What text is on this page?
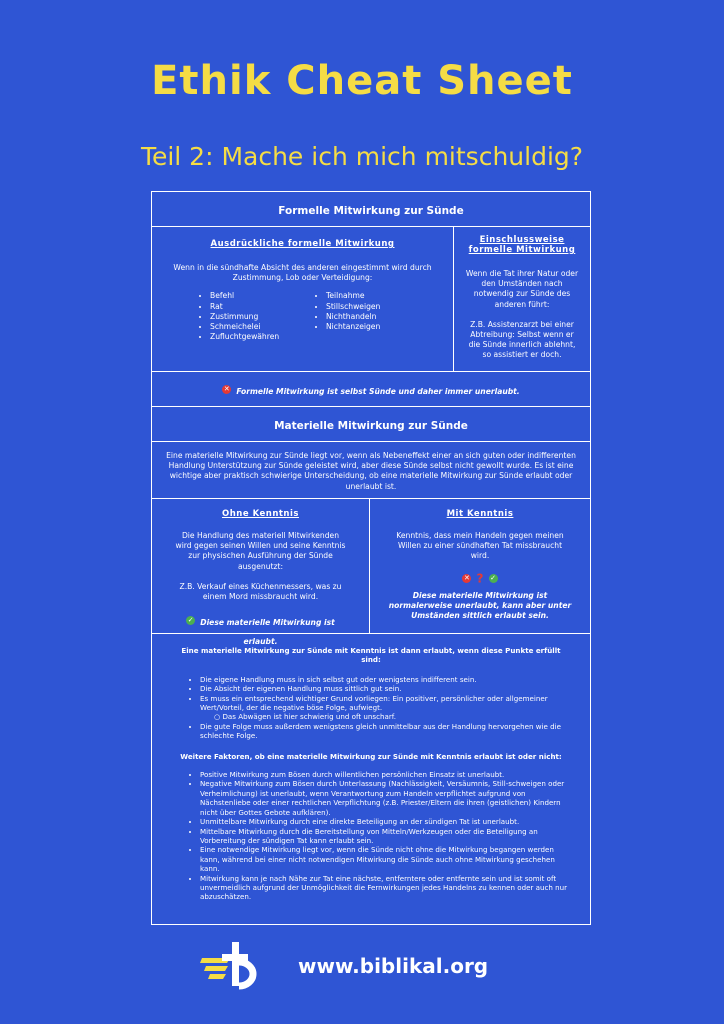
Ethik Cheat Sheet
Teil 2: Mache ich mich mitschuldig?
Formelle Mitwirkung zur Sünde
Ausdrückliche formelle Mitwirkung
Wenn in die sündhafte Absicht des anderen eingestimmt wird durch Zustimmung, Lob oder Verteidigung:
• Befehl
• Rat
• Zustimmung
• Schmeichelei
• Zufluchtgewähren
• Teilnahme
• Stillschweigen
• Nichthandeln
• Nichtanzeigen
Einschlussweise
formelle Mitwirkung
Wenn die Tat ihrer Natur oder den Umständen nach notwendig zur Sünde des anderen führt:
Z.B. Assistenzarzt bei einer Abtreibung: Selbst wenn er die Sünde innerlich ablehnt, so assistiert er doch.
✕ Formelle Mitwirkung ist selbst Sünde und daher immer unerlaubt.
Materielle Mitwirkung zur Sünde
Eine materielle Mitwirkung zur Sünde liegt vor, wenn als Nebeneffekt einer an sich guten oder indifferenten Handlung Unterstützung zur Sünde geleistet wird, aber diese Sünde selbst nicht gewollt wurde. Es ist eine wichtige aber praktisch schwierige Unterscheidung, ob eine materielle Mitwirkung zur Sünde erlaubt oder unerlaubt ist.
Ohne Kenntnis
Die Handlung des materiell Mitwirkenden wird gegen seinen Willen und seine Kenntnis zur physischen Ausführung der Sünde ausgenutzt:
Z.B. Verkauf eines Küchenmessers, was zu einem Mord missbraucht wird.
✓ Diese materielle Mitwirkung ist erlaubt.
Mit Kenntnis
Kenntnis, dass mein Handeln gegen meinen Willen zu einer sündhaften Tat missbraucht wird.
✕ ? ✓
Diese materielle Mitwirkung ist normalerweise unerlaubt, kann aber unter Umständen sittlich erlaubt sein.
Eine materielle Mitwirkung zur Sünde mit Kenntnis ist dann erlaubt, wenn diese Punkte erfüllt sind:
• Die eigene Handlung muss in sich selbst gut oder wenigstens indifferent sein.
• Die Absicht der eigenen Handlung muss sittlich gut sein.
• Es muss ein entsprechend wichtiger Grund vorliegen: Ein positiver, persönlicher oder allgemeiner Wert/Vorteil, der die negative böse Folge, aufwiegt.
○ Das Abwägen ist hier schwierig und oft unscharf.
• Die gute Folge muss außerdem wenigstens gleich unmittelbar aus der Handlung hervorgehen wie die schlechte Folge.
Weitere Faktoren, ob eine materielle Mitwirkung zur Sünde mit Kenntnis erlaubt ist oder nicht:
• Positive Mitwirkung zum Bösen durch willentlichen persönlichen Einsatz ist unerlaubt.
• Negative Mitwirkung zum Bösen durch Unterlassung (Nachlässigkeit, Versäumnis, Still-schweigen oder Verheimlichung) ist unerlaubt, wenn Verantwortung zum Handeln verpflichtet aufgrund von Nächstenliebe oder einer rechtlichen Verpflichtung (z.B. Priester/Eltern die ihren (geistlichen) Kindern nicht über Gottes Gebote aufklären).
• Unmittelbare Mitwirkung durch eine direkte Beteiligung an der sündigen Tat ist unerlaubt.
• Mittelbare Mitwirkung durch die Bereitstellung von Mitteln/Werkzeugen oder die Beteiligung an Vorbereitung der sündigen Tat kann erlaubt sein.
• Eine notwendige Mitwirkung liegt vor, wenn die Sünde nicht ohne die Mitwirkung begangen werden kann, während bei einer nicht notwendigen Mitwirkung die Sünde auch ohne Mitwirkung geschehen kann.
• Mitwirkung kann je nach Nähe zur Tat eine nächste, entferntere oder entfernte sein und ist somit oft unvermeidlich aufgrund der Unmöglichkeit die Fernwirkungen jedes Handelns zu kennen oder auch nur abzuschätzen.
www.biblikal.org
